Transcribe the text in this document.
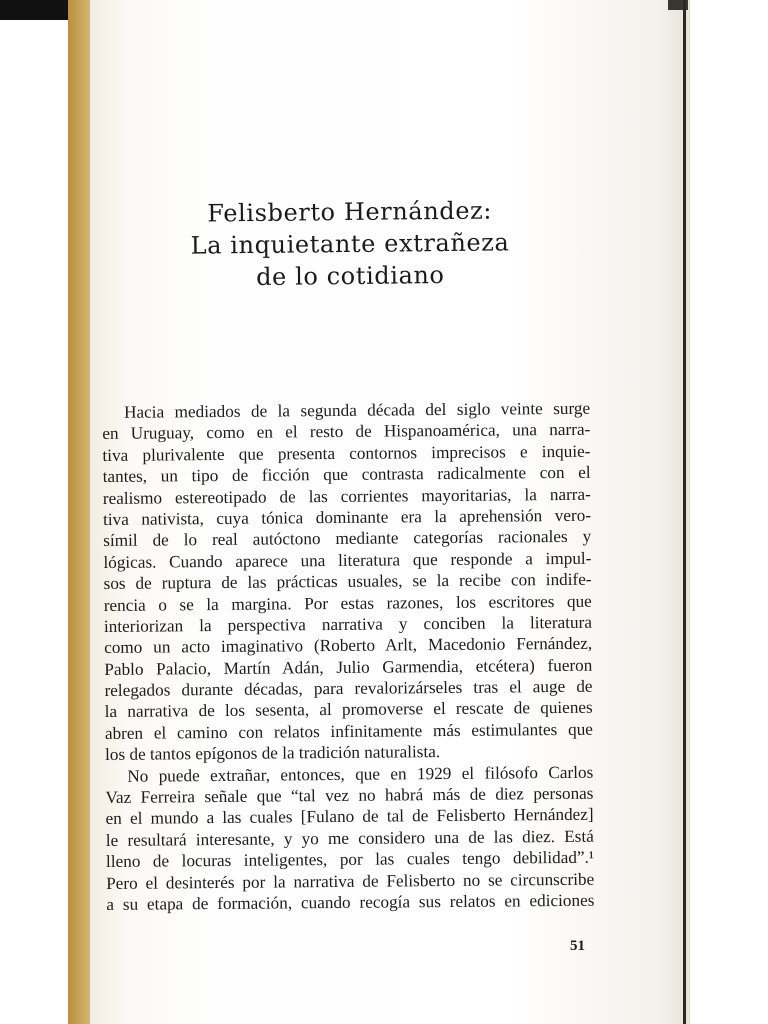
Felisberto Hernández:
La inquietante extrañeza
de lo cotidiano
Hacia mediados de la segunda década del siglo veinte surge
en Uruguay, como en el resto de Hispanoamérica, una narra-
tiva plurivalente que presenta contornos imprecisos e inquie-
tantes, un tipo de ficción que contrasta radicalmente con el
realismo estereotipado de las corrientes mayoritarias, la narra-
tiva nativista, cuya tónica dominante era la aprehensión vero-
símil de lo real autóctono mediante categorías racionales y
lógicas. Cuando aparece una literatura que responde a impul-
sos de ruptura de las prácticas usuales, se la recibe con indife-
rencia o se la margina. Por estas razones, los escritores que
interiorizan la perspectiva narrativa y conciben la literatura
como un acto imaginativo (Roberto Arlt, Macedonio Fernández,
Pablo Palacio, Martín Adán, Julio Garmendia, etcétera) fueron
relegados durante décadas, para revalorizárseles tras el auge de
la narrativa de los sesenta, al promoverse el rescate de quienes
abren el camino con relatos infinitamente más estimulantes que
los de tantos epígonos de la tradición naturalista.
No puede extrañar, entonces, que en 1929 el filósofo Carlos
Vaz Ferreira señale que “tal vez no habrá más de diez personas
en el mundo a las cuales [Fulano de tal de Felisberto Hernández]
le resultará interesante, y yo me considero una de las diez. Está
lleno de locuras inteligentes, por las cuales tengo debilidad”.¹
Pero el desinterés por la narrativa de Felisberto no se circunscribe
a su etapa de formación, cuando recogía sus relatos en ediciones
51
